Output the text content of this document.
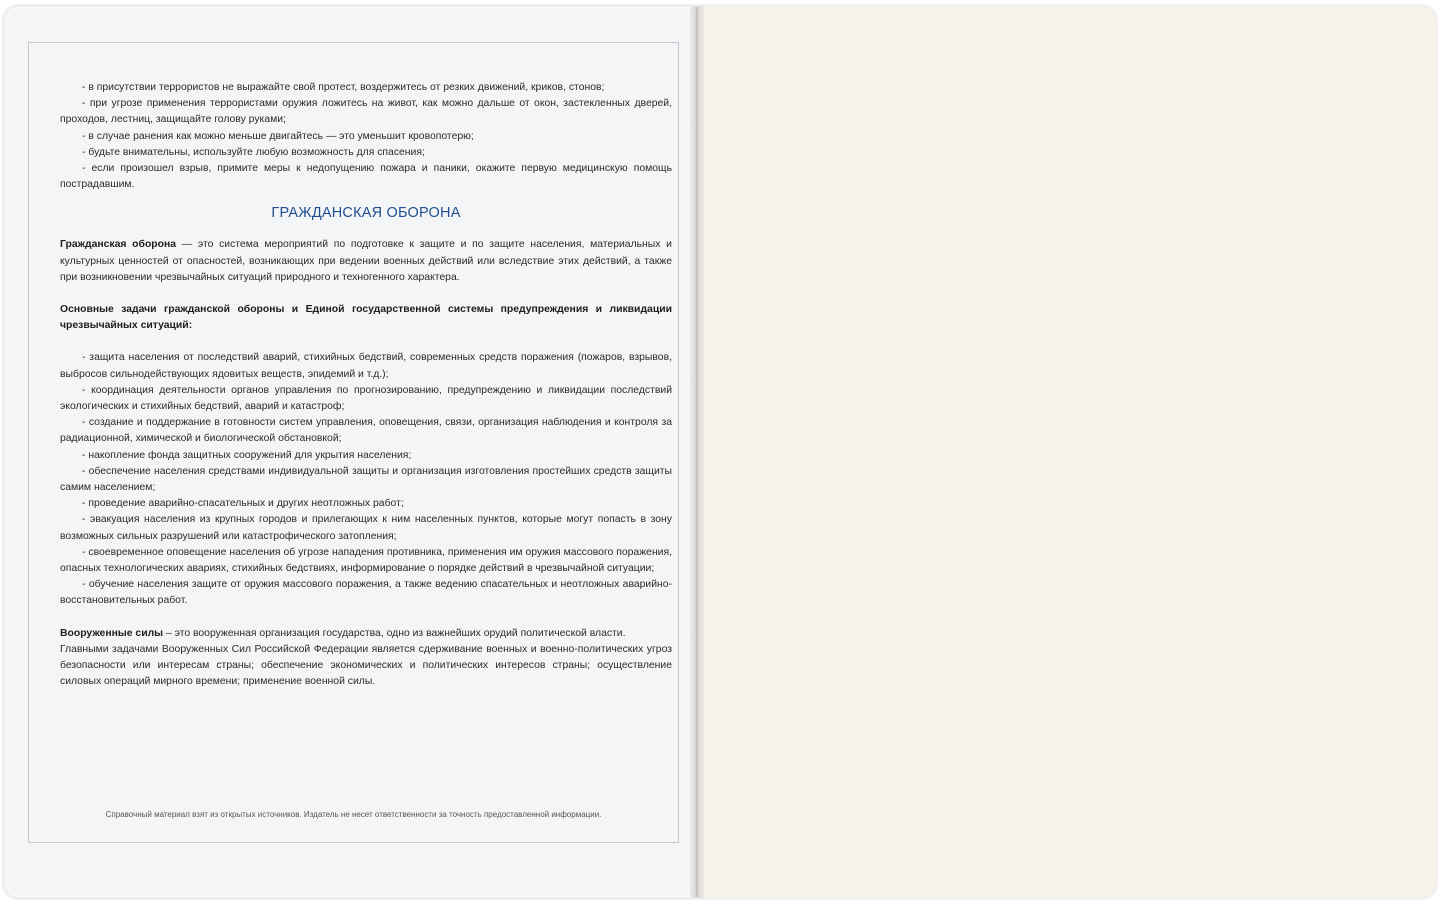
- в присутствии террористов не выражайте свой протест, воздержитесь от резких движений, криков, стонов;

- при угрозе применения террористами оружия ложитесь на живот, как можно дальше от окон, застекленных дверей, проходов, лестниц, защищайте голову руками;

- в случае ранения как можно меньше двигайтесь — это уменьшит кровопотерю;

- будьте внимательны, используйте любую возможность для спасения;

- если произошел взрыв, примите меры к недопущению пожара и паники, окажите первую медицинскую помощь пострадавшим.

ГРАЖДАНСКАЯ ОБОРОНА

Гражданская оборона — это система мероприятий по подготовке к защите и по защите населения, материальных и культурных ценностей от опасностей, возникающих при ведении военных действий или вследствие этих действий, а также при возникновении чрезвычайных ситуаций природного и техногенного характера.

Основные задачи гражданской обороны и Единой государственной системы предупреждения и ликвидации чрезвычайных ситуаций:

- защита населения от последствий аварий, стихийных бедствий, современных средств поражения (пожаров, взрывов, выбросов сильнодействующих ядовитых веществ, эпидемий и т.д.);

- координация деятельности органов управления по прогнозированию, предупреждению и ликвидации последствий экологических и стихийных бедствий, аварий и катастроф;

- создание и поддержание в готовности систем управления, оповещения, связи, организация наблюдения и контроля за радиационной, химической и биологической обстановкой;

- накопление фонда защитных сооружений для укрытия населения;

- обеспечение населения средствами индивидуальной защиты и организация изготовления простейших средств защиты самим населением;

- проведение аварийно-спасательных и других неотложных работ;

- эвакуация населения из крупных городов и прилегающих к ним населенных пунктов, которые могут попасть в зону возможных сильных разрушений или катастрофического затопления;

- своевременное оповещение населения об угрозе нападения противника, применения им оружия массового поражения, опасных технологических авариях, стихийных бедствиях, информирование о порядке действий в чрезвычайной ситуации;

- обучение населения защите от оружия массового поражения, а также ведению спасательных и неотложных аварийно-восстановительных работ.

Вооруженные силы – это вооруженная организация государства, одно из важнейших орудий политической власти.

Главными задачами Вооруженных Сил Российской Федерации является сдерживание военных и военно-политических угроз безопасности или интересам страны; обеспечение экономических и политических интересов страны; осуществление силовых операций мирного времени; применение военной силы.

Справочный материал взят из открытых источников. Издатель не несет ответственности за точность предоставленной информации.
